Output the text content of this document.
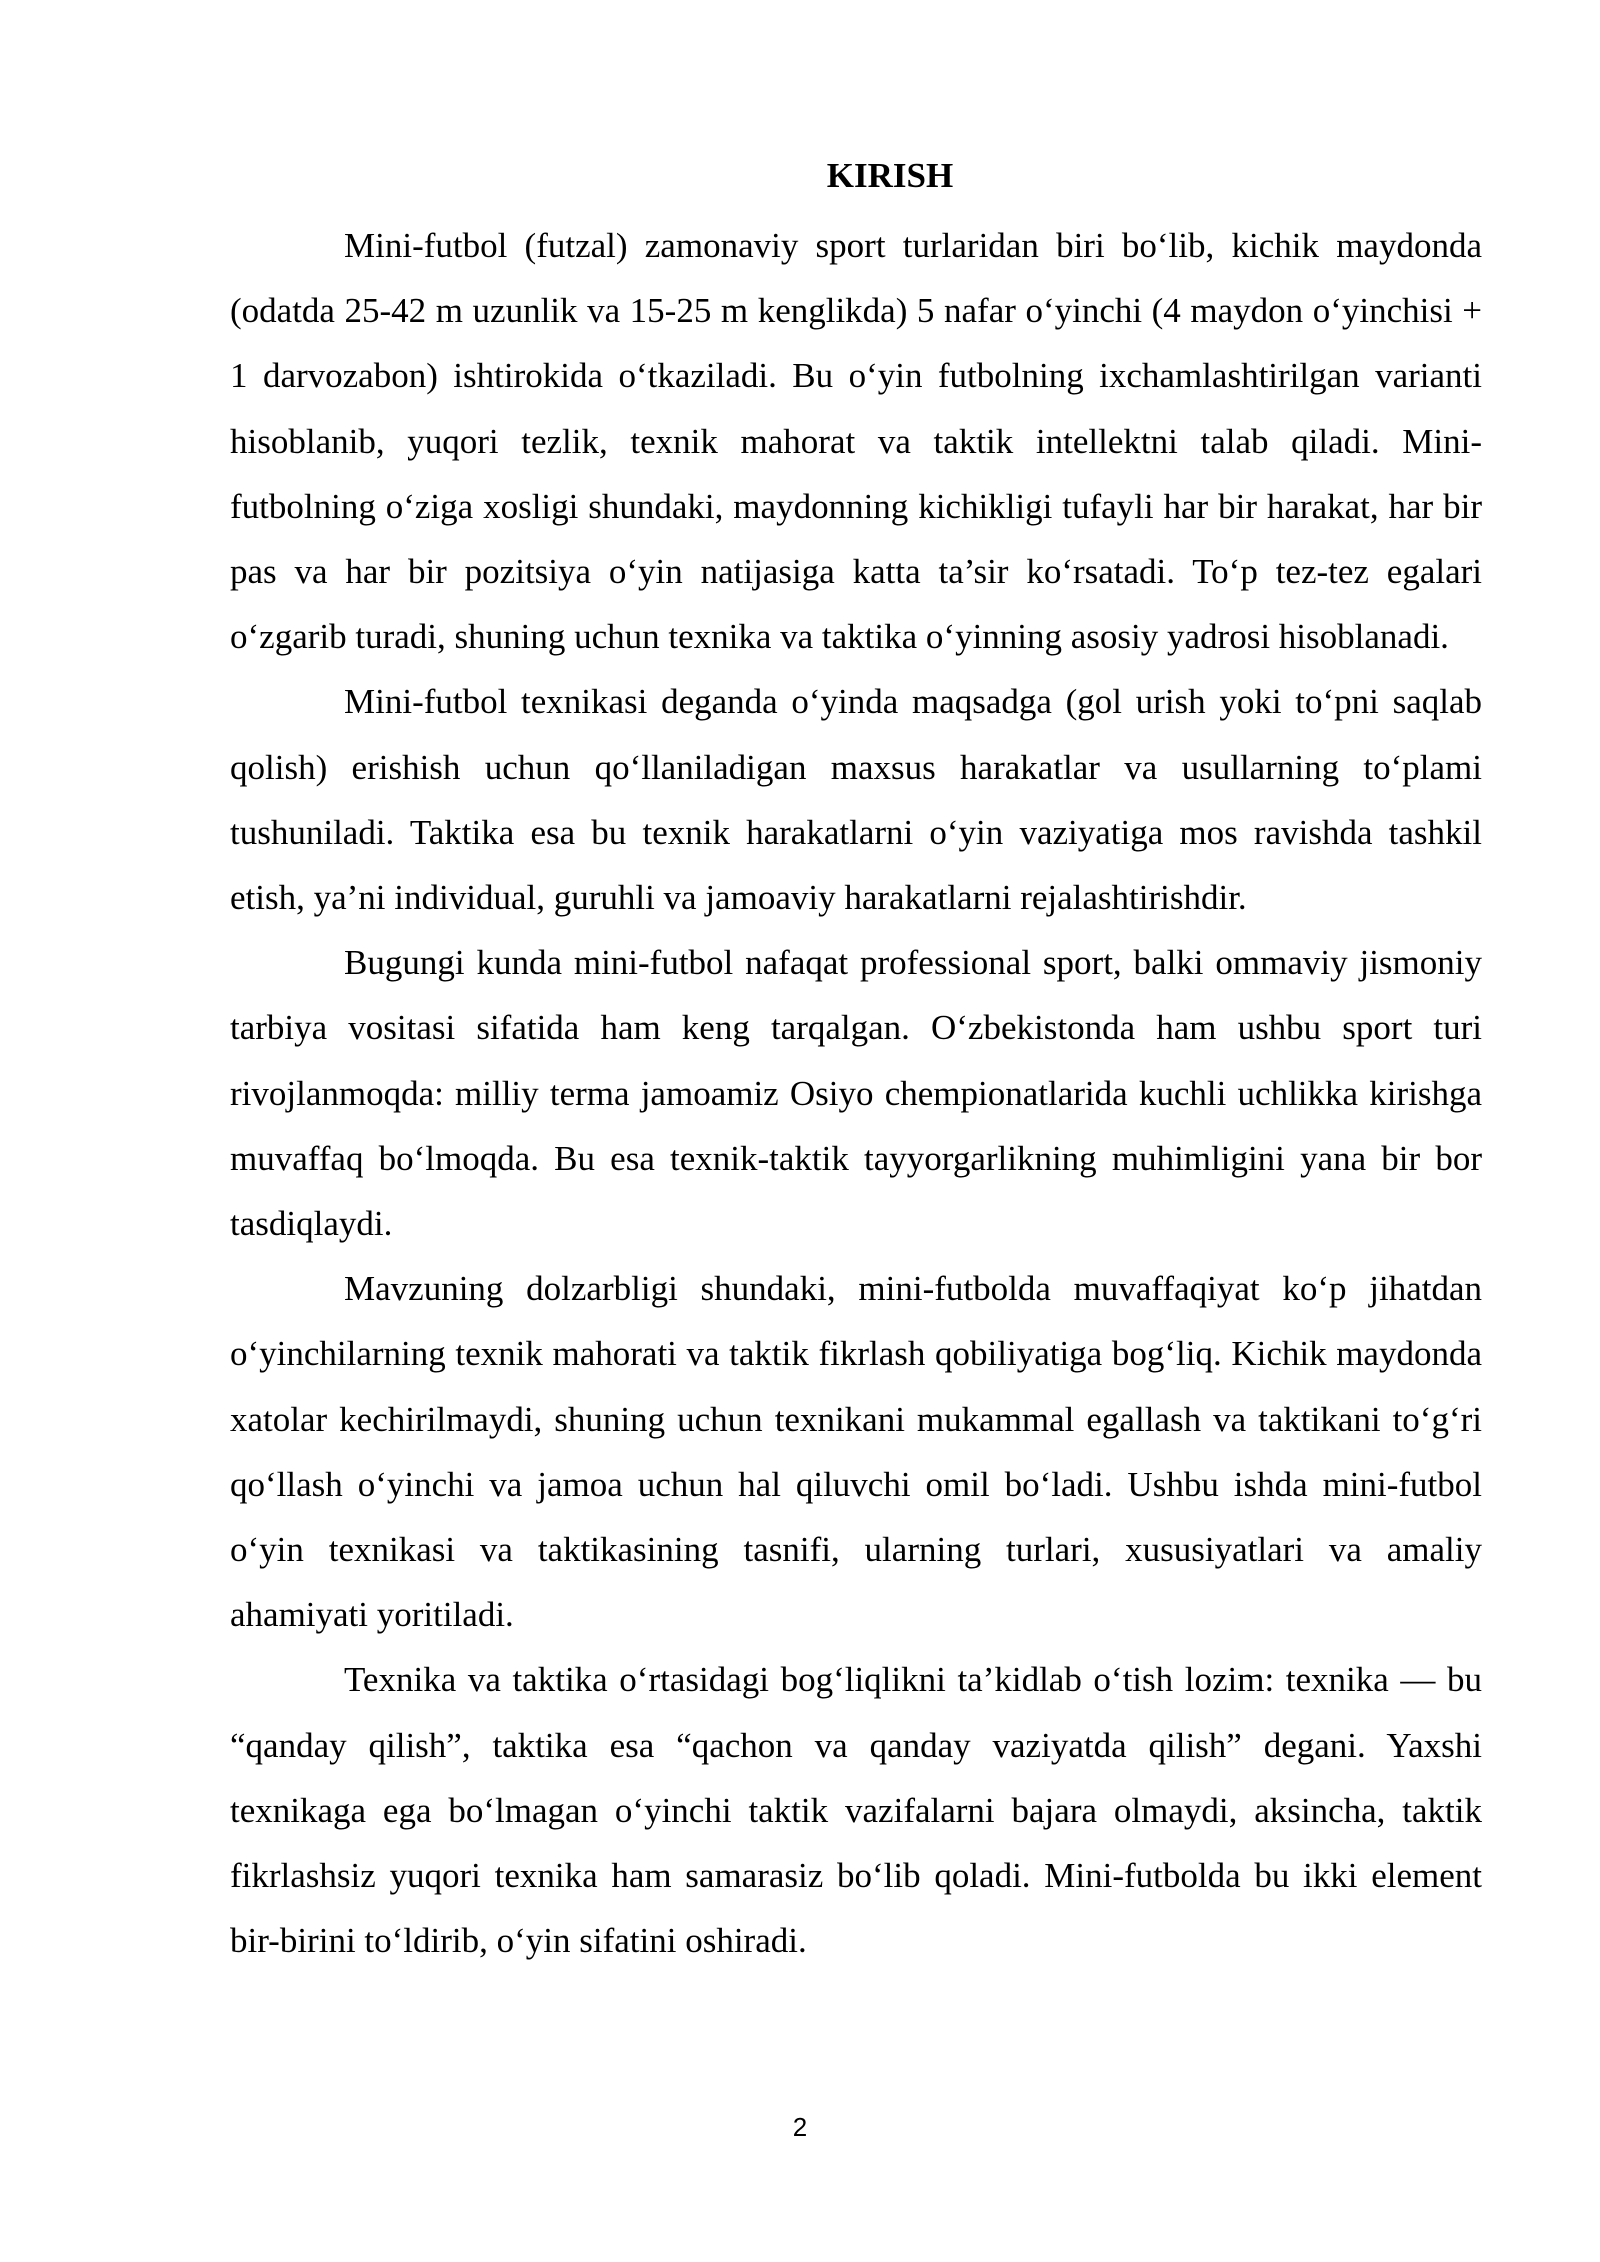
KIRISH

Mini-futbol (futzal) zamonaviy sport turlaridan biri bo‘lib, kichik maydonda (odatda 25-42 m uzunlik va 15-25 m kenglikda) 5 nafar o‘yinchi (4 maydon o‘yinchisi + 1 darvozabon) ishtirokida o‘tkaziladi. Bu o‘yin futbolning ixchamlashtirilgan varianti hisoblanib, yuqori tezlik, texnik mahorat va taktik intellektni talab qiladi. Mini-futbolning o‘ziga xosligi shundaki, maydonning kichikligi tufayli har bir harakat, har bir pas va har bir pozitsiya o‘yin natijasiga katta ta’sir ko‘rsatadi. To‘p tez-tez egalari o‘zgarib turadi, shuning uchun texnika va taktika o‘yinning asosiy yadrosi hisoblanadi.

Mini-futbol texnikasi deganda o‘yinda maqsadga (gol urish yoki to‘pni saqlab qolish) erishish uchun qo‘llaniladigan maxsus harakatlar va usullarning to‘plami tushuniladi. Taktika esa bu texnik harakatlarni o‘yin vaziyatiga mos ravishda tashkil etish, ya’ni individual, guruhli va jamoaviy harakatlarni rejalashtirishdir.

Bugungi kunda mini-futbol nafaqat professional sport, balki ommaviy jismoniy tarbiya vositasi sifatida ham keng tarqalgan. O‘zbekistonda ham ushbu sport turi rivojlanmoqda: milliy terma jamoamiz Osiyo chempionatlarida kuchli uchlikka kirishga muvaffaq bo‘lmoqda. Bu esa texnik-taktik tayyorgarlikning muhimligini yana bir bor tasdiqlaydi.

Mavzuning dolzarbligi shundaki, mini-futbolda muvaffaqiyat ko‘p jihatdan o‘yinchilarning texnik mahorati va taktik fikrlash qobiliyatiga bog‘liq. Kichik maydonda xatolar kechirilmaydi, shuning uchun texnikani mukammal egallash va taktikani to‘g‘ri qo‘llash o‘yinchi va jamoa uchun hal qiluvchi omil bo‘ladi. Ushbu ishda mini-futbol o‘yin texnikasi va taktikasining tasnifi, ularning turlari, xususiyatlari va amaliy ahamiyati yoritiladi.

Texnika va taktika o‘rtasidagi bog‘liqlikni ta’kidlab o‘tish lozim: texnika — bu “qanday qilish”, taktika esa “qachon va qanday vaziyatda qilish” degani. Yaxshi texnikaga ega bo‘lmagan o‘yinchi taktik vazifalarni bajara olmaydi, aksincha, taktik fikrlashsiz yuqori texnika ham samarasiz bo‘lib qoladi. Mini-futbolda bu ikki element bir-birini to‘ldirib, o‘yin sifatini oshiradi.

2
